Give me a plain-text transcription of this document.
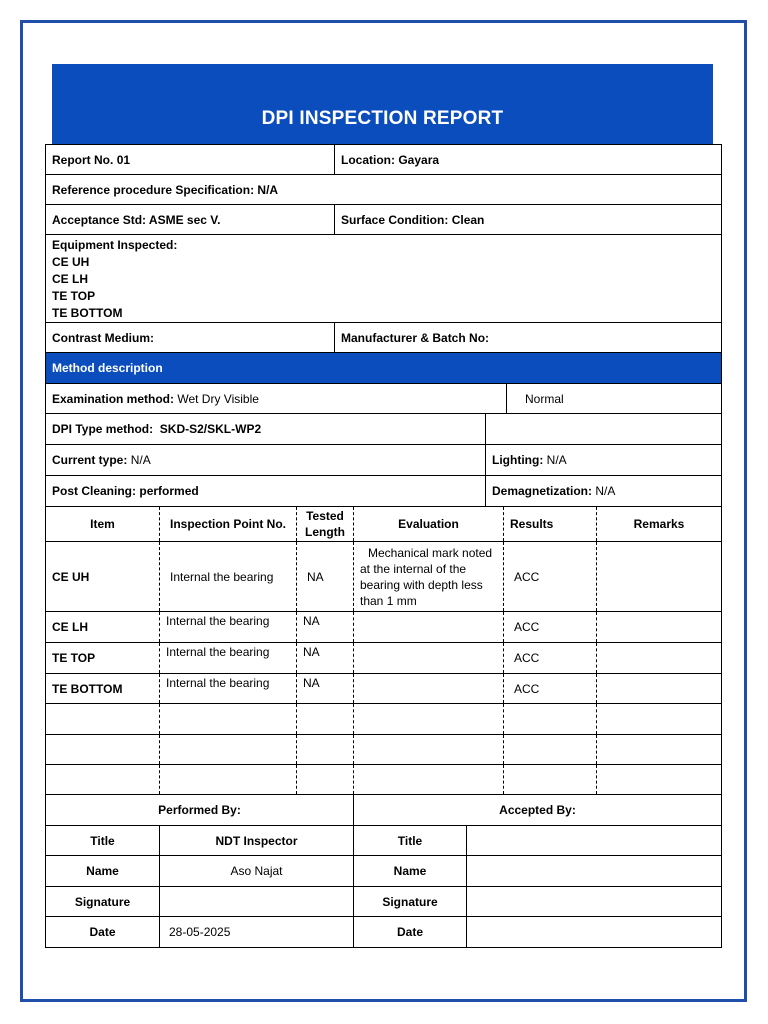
DPI INSPECTION REPORT
Report No. 01	Location: Gayara
Reference procedure Specification: N/A	
Acceptance Std: ASME sec V.	Surface Condition: Clean

Equipment Inspected:
CE UH
CE LH
TE TOP
TE BOTTOM	

Contrast Medium:	Manufacturer & Batch No:
Method description		
Examination method: Wet Dry Visible		Normal
DPI Type method: SKD-S2/SKL-WP2		
Current type: N/A	Lighting: N/A	
Post Cleaning: performed	Demagnetization: N/A	
Item	Inspection Point No.	Tested Length	Evaluation	Results	Remarks
CE UH	Internal the bearing	NA	Mechanical mark noted at the internal of the bearing with depth less than 1 mm	ACC	
CE LH	Internal the bearing	NA		ACC	
TE TOP	Internal the bearing	NA		ACC	
TE BOTTOM	Internal the bearing	NA		ACC	

Performed By:		Accepted By:	
Title	NDT Inspector	Title	
Name	Aso Najat	Name	
Signature		Signature	
Date	28-05-2025	Date	
